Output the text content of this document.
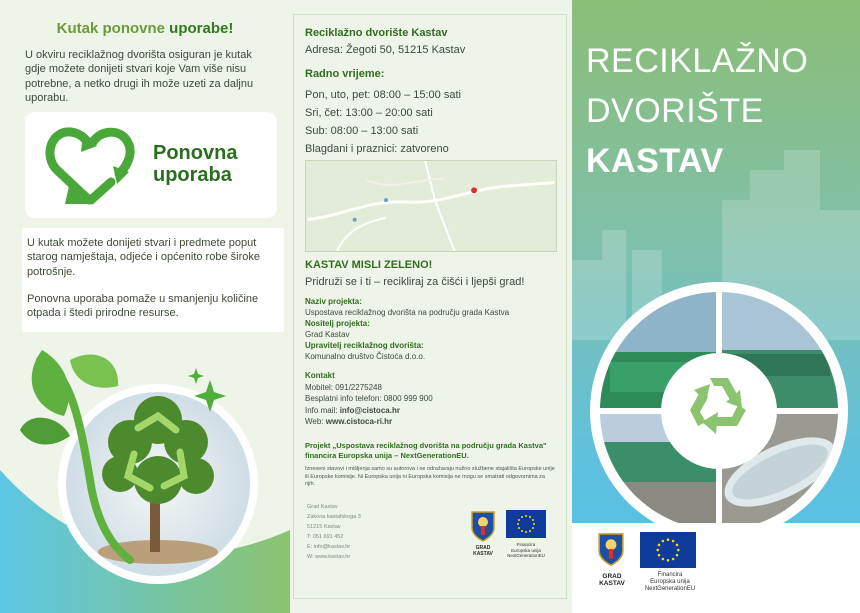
Kutak ponovne uporabe!
U okviru reciklažnog dvorišta osiguran je kutak gdje možete donijeti stvari koje Vam više nisu potrebne, a netko drugi ih može uzeti za daljnu uporabu.
Ponovna
uporaba
U kutak možete donijeti stvari i predmete poput starog namještaja, odjeće i općenito robe široke potrošnje.
Ponovna uporaba pomaže u smanjenju količine otpada i štedi prirodne resurse.
Reciklažno dvorište Kastav
Adresa: Žegoti 50, 51215 Kastav
Radno vrijeme:
Pon, uto, pet: 08:00 – 15:00 sati
Sri, čet: 13:00 – 20:00 sati
Sub: 08:00 – 13:00 sati
Blagdani i praznici: zatvoreno
KASTAV MISLI ZELENO!
Pridruži se i ti – recikliraj za čišći i ljepši grad!
Naziv projekta:
Uspostava reciklažnog dvorišta na području grada Kastva
Nositelj projekta:
Grad Kastav
Upravitelj reciklažnog dvorišta:
Komunalno društvo Čistoća d.o.o.
Kontakt
Mobitel: 091/2275248
Besplatni info telefon: 0800 999 900
Info mail: info@cistoca.hr
Web: www.cistoca-ri.hr
Projekt „Uspostava reciklažnog dvorišta na području grada Kastva" financira Europska unija – NextGenerationEU.
Izneseni stavovi i mišljenja samo su autorova i ne odražavaju nužno službene stajališta Europske unije ili Europske komisije. Ni Europska unija ni Europska komisija ne mogu se smatrati odgovornima za njih.
Grad Kastav
Zakona kastafskoga 3
51215 Kastav
T: 051 691 452
E: info@kastav.hr
W: www.kastav.hr
GRAD
KASTAV
Financira
Europska unija
NextGenerationEU
RECIKLAŽNO
DVORIŠTE
KASTAV
GRAD
KASTAV
Financira
Europska unija
NextGenerationEU
